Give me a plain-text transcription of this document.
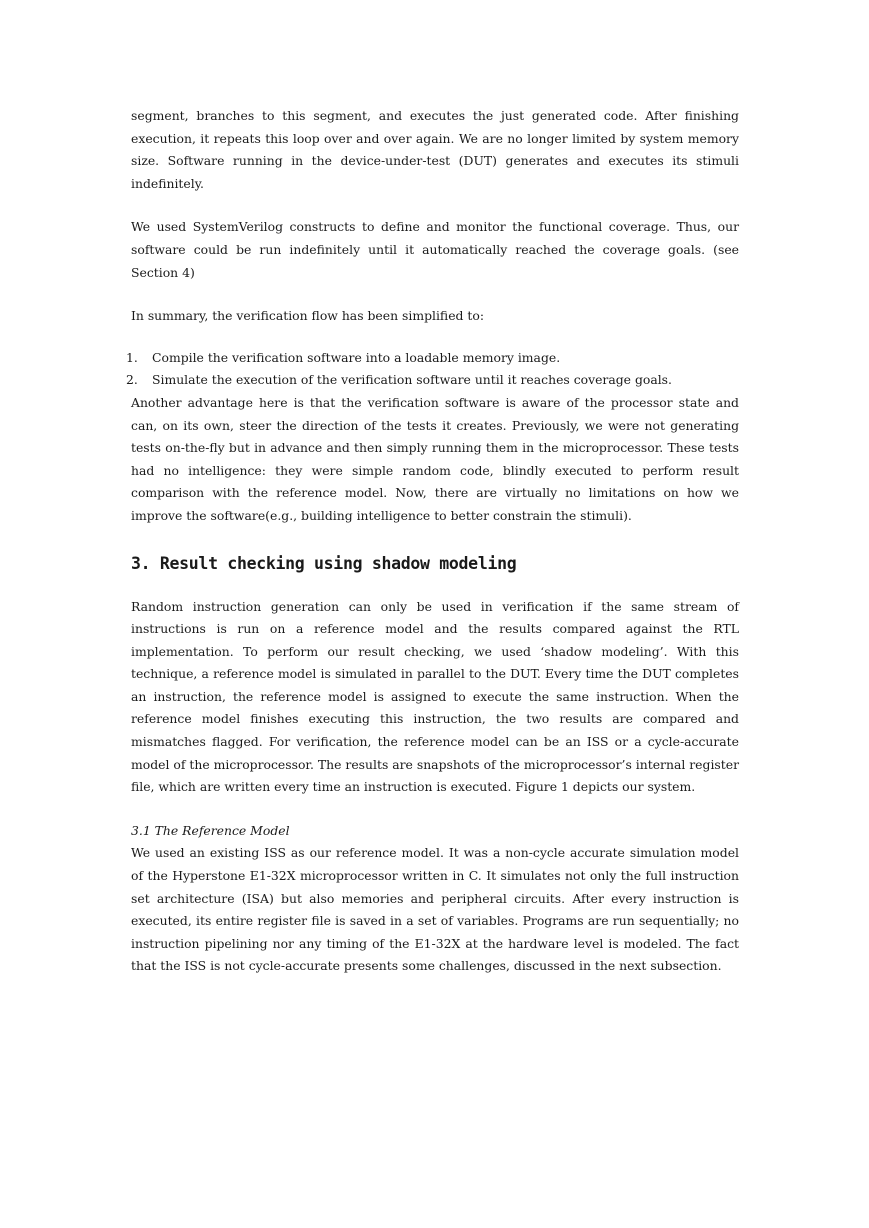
segment, branches to this segment, and executes the just generated code. After finishing execution, it repeats this loop over and over again. We are no longer limited by system memory size. Software running in the device-under-test (DUT) generates and executes its stimuli indefinitely.

We used SystemVerilog constructs to define and monitor the functional coverage. Thus, our software could be run indefinitely until it automatically reached the coverage goals. (see Section 4)

In summary, the verification flow has been simplified to:

1. Compile the verification software into a loadable memory image.
2. Simulate the execution of the verification software until it reaches coverage goals.

Another advantage here is that the verification software is aware of the processor state and can, on its own, steer the direction of the tests it creates. Previously, we were not generating tests on-the-fly but in advance and then simply running them in the microprocessor. These tests had no intelligence: they were simple random code, blindly executed to perform result comparison with the reference model. Now, there are virtually no limitations on how we improve the software(e.g., building intelligence to better constrain the stimuli).

3. Result checking using shadow modeling

Random instruction generation can only be used in verification if the same stream of instructions is run on a reference model and the results compared against the RTL implementation. To perform our result checking, we used ‘shadow modeling’. With this technique, a reference model is simulated in parallel to the DUT. Every time the DUT completes an instruction, the reference model is assigned to execute the same instruction. When the reference model finishes executing this instruction, the two results are compared and mismatches flagged. For verification, the reference model can be an ISS or a cycle-accurate model of the microprocessor. The results are snapshots of the microprocessor’s internal register file, which are written every time an instruction is executed. Figure 1 depicts our system.

3.1 The Reference Model

We used an existing ISS as our reference model. It was a non-cycle accurate simulation model of the Hyperstone E1-32X microprocessor written in C. It simulates not only the full instruction set architecture (ISA) but also memories and peripheral circuits. After every instruction is executed, its entire register file is saved in a set of variables. Programs are run sequentially; no instruction pipelining nor any timing of the E1-32X at the hardware level is modeled. The fact that the ISS is not cycle-accurate presents some challenges, discussed in the next subsection.
